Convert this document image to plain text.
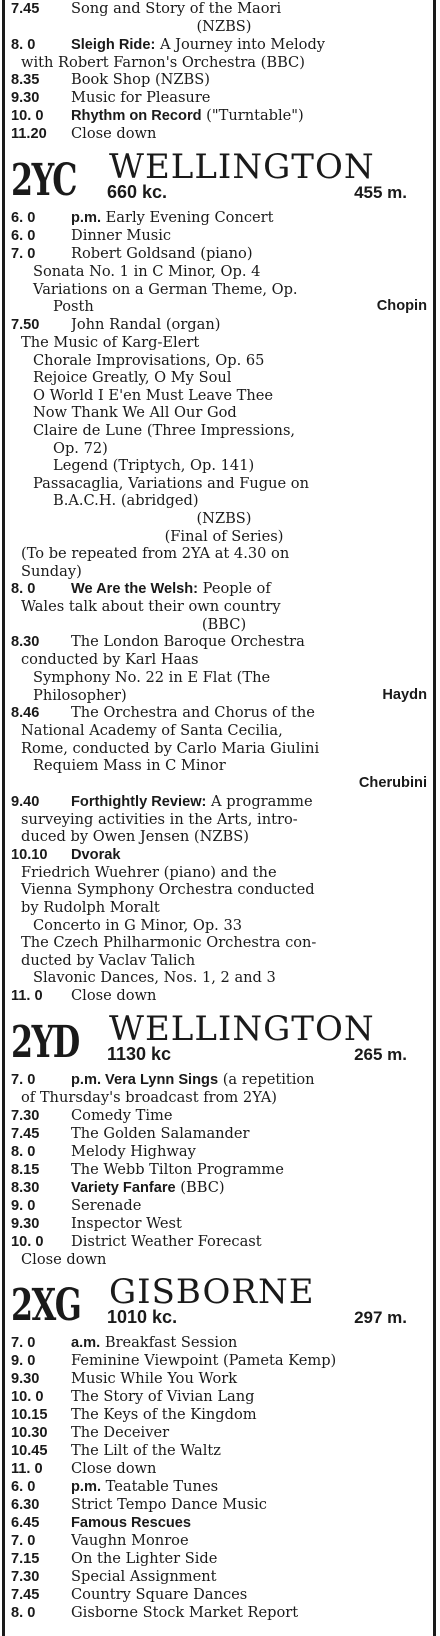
7.45	Song and Story of the Maori
(NZBS)
8. 0	Sleigh Ride: A Journey into Melody
with Robert Farnon's Orchestra (BBC)
8.35	Book Shop (NZBS)
9.30	Music for Pleasure
10. 0	Rhythm on Record ("Turntable")
11.20	Close down
2YC WELLINGTON
660 kc.	455 m.
6. 0	p.m. Early Evening Concert
6. 0	Dinner Music
7. 0	Robert Goldsand (piano)
Sonata No. 1 in C Minor, Op. 4
Variations on a German Theme, Op.
Posth	Chopin
7.50	John Randal (organ)
The Music of Karg-Elert
Chorale Improvisations, Op. 65
Rejoice Greatly, O My Soul
O World I E'en Must Leave Thee
Now Thank We All Our God
Claire de Lune (Three Impressions,
Op. 72)
Legend (Triptych, Op. 141)
Passacaglia, Variations and Fugue on
B.A.C.H. (abridged)
(NZBS)
(Final of Series)
(To be repeated from 2YA at 4.30 on
Sunday)
8. 0	We Are the Welsh: People of
Wales talk about their own country
(BBC)
8.30	The London Baroque Orchestra
conducted by Karl Haas
Symphony No. 22 in E Flat (The
Philosopher)	Haydn
8.46	The Orchestra and Chorus of the
National Academy of Santa Cecilia,
Rome, conducted by Carlo Maria Giulini
Requiem Mass in C Minor
Cherubini
9.40	Forthightly Review: A programme
surveying activities in the Arts, intro-
duced by Owen Jensen (NZBS)
10.10	Dvorak
Friedrich Wuehrer (piano) and the
Vienna Symphony Orchestra conducted
by Rudolph Moralt
Concerto in G Minor, Op. 33
The Czech Philharmonic Orchestra con-
ducted by Vaclav Talich
Slavonic Dances, Nos. 1, 2 and 3
11. 0	Close down
2YD WELLINGTON
1130 kc	265 m.
7. 0	p.m. Vera Lynn Sings (a repetition
of Thursday's broadcast from 2YA)
7.30	Comedy Time
7.45	The Golden Salamander
8. 0	Melody Highway
8.15	The Webb Tilton Programme
8.30	Variety Fanfare (BBC)
9. 0	Serenade
9.30	Inspector West
10. 0	District Weather Forecast
Close down
2XG GISBORNE
1010 kc.	297 m.
7. 0	a.m. Breakfast Session
9. 0	Feminine Viewpoint (Pameta Kemp)
9.30	Music While You Work
10. 0	The Story of Vivian Lang
10.15	The Keys of the Kingdom
10.30	The Deceiver
10.45	The Lilt of the Waltz
11. 0	Close down
6. 0	p.m. Teatable Tunes
6.30	Strict Tempo Dance Music
6.45	Famous Rescues
7. 0	Vaughn Monroe
7.15	On the Lighter Side
7.30	Special Assignment
7.45	Country Square Dances
8. 0	Gisborne Stock Market Report
